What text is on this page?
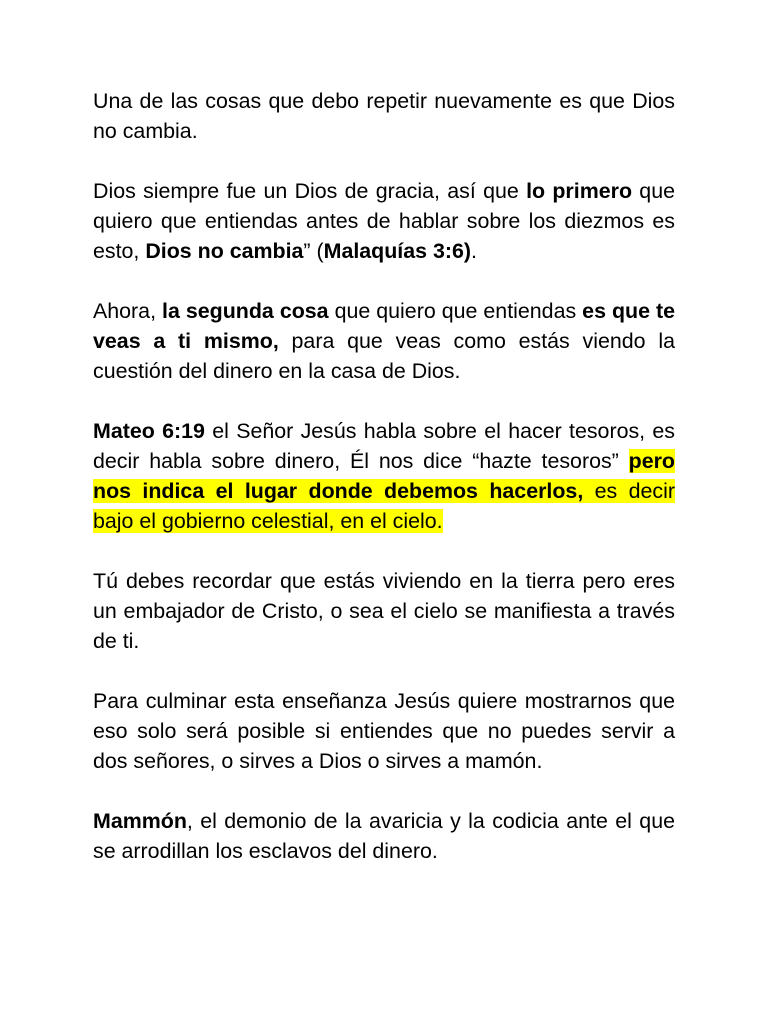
Una de las cosas que debo repetir nuevamente es que Dios no cambia.

Dios siempre fue un Dios de gracia, así que lo primero que quiero que entiendas antes de hablar sobre los diezmos es esto, Dios no cambia” (Malaquías 3:6).

Ahora, la segunda cosa que quiero que entiendas es que te veas a ti mismo, para que veas como estás viendo la cuestión del dinero en la casa de Dios.

Mateo 6:19 el Señor Jesús habla sobre el hacer tesoros, es decir habla sobre dinero, Él nos dice “hazte tesoros” pero nos indica el lugar donde debemos hacerlos, es decir bajo el gobierno celestial, en el cielo.

Tú debes recordar que estás viviendo en la tierra pero eres un embajador de Cristo, o sea el cielo se manifiesta a través de ti.

Para culminar esta enseñanza Jesús quiere mostrarnos que eso solo será posible si entiendes que no puedes servir a dos señores, o sirves a Dios o sirves a mamón.

Mammón, el demonio de la avaricia y la codicia ante el que se arrodillan los esclavos del dinero.
